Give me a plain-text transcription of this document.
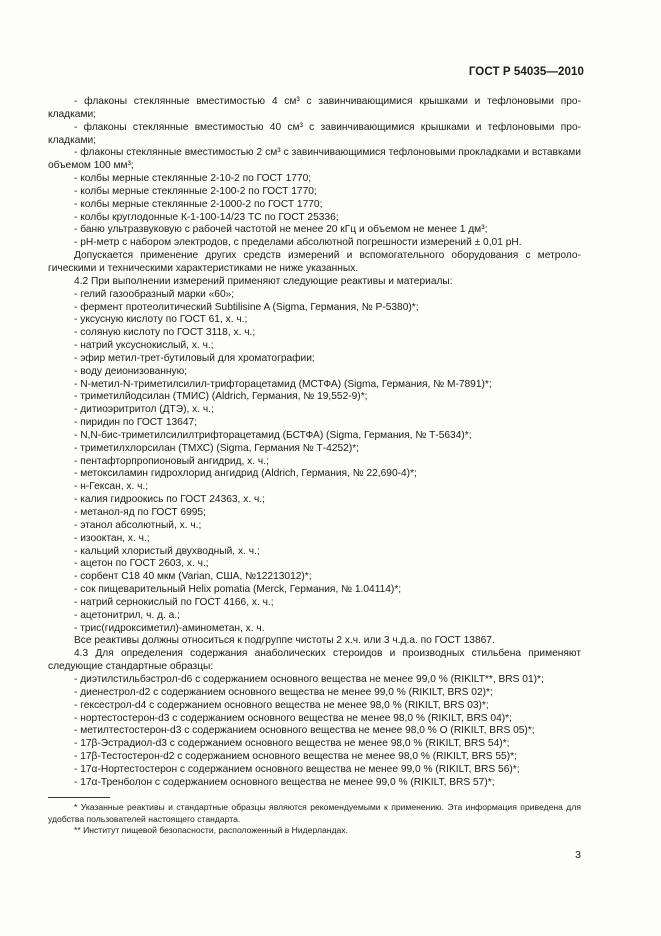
ГОСТ Р 54035—2010

- флаконы стеклянные вместимостью 4 см³ с завинчивающимися крышками и тефлоновыми про-кладками;

- флаконы стеклянные вместимостью 40 см³ с завинчивающимися крышками и тефлоновыми про-кладками;

- флаконы стеклянные вместимостью 2 см³ с завинчивающимися тефлоновыми прокладками и вставками объемом 100 мм³;

- колбы мерные стеклянные 2-10-2 по ГОСТ 1770;

- колбы мерные стеклянные 2-100-2 по ГОСТ 1770;

- колбы мерные стеклянные 2-1000-2 по ГОСТ 1770;

- колбы круглодонные К-1-100-14/23 ТС по ГОСТ 25336;

- баню ультразвуковую с рабочей частотой не менее 20 кГц и объемом не менее 1 дм³;

- pH-метр с набором электродов, с пределами абсолютной погрешности измерений ± 0,01 pH.

Допускается применение других средств измерений и вспомогательного оборудования с метроло-гическими и техническими характеристиками не ниже указанных.

4.2 При выполнении измерений применяют следующие реактивы и материалы:

- гелий газообразный марки «60»;

- фермент протеолитический Subtilisine A (Sigma, Германия, № Р-5380)*;

- уксусную кислоту по ГОСТ 61, х. ч.;

- соляную кислоту по ГОСТ 3118, х. ч.;

- натрий уксуснокислый, х. ч.;

- эфир метил-трет-бутиловый для хроматографии;

- воду деионизованную;

- N-метил-N-триметилсилил-трифторацетамид (МСТФА) (Sigma, Германия, № M-7891)*;

- триметилйодсилан (ТМИС) (Aldrich, Германия, № 19,552-9)*;

- дитиоэритритол (ДТЭ), х. ч.;

- пиридин по ГОСТ 13647;

- N,N-бис-триметилсилилтрифторацетамид (БСТФА) (Sigma, Германия, № Т-5634)*;

- триметилхлорсилан (ТМХС) (Sigma, Германия № Т-4252)*;

- пентафторпропионовый ангидрид, х. ч.;

- метоксиламин гидрохлорид ангидрид (Aldrich, Германия, № 22,690-4)*;

- н-Гексан, х. ч.;

- калия гидроокись по ГОСТ 24363, х. ч.;

- метанол-яд по ГОСТ 6995;

- этанол абсолютный, х. ч.;

- изооктан, х. ч.;

- кальций хлористый двухводный, х. ч.;

- ацетон по ГОСТ 2603, х. ч.;

- сорбент С18 40 мкм (Varian, США, №12213012)*;

- сок пищеварительный Helix pomatia (Merck, Германия, № 1.04114)*;

- натрий сернокислый по ГОСТ 4166, х. ч.;

- ацетонитрил, ч. д. а.;

- трис(гидроксиметил)-аминометан, х. ч.

Все реактивы должны относиться к подгруппе чистоты 2 х.ч. или 3 ч.д.а. по ГОСТ 13867.

4.3 Для определения содержания анаболических стероидов и производных стильбена применяют следующие стандартные образцы:

- диэтилстильбэстрол-d6 с содержанием основного вещества не менее 99,0 % (RIKILT**, BRS 01)*;

- диенестрол-d2 с содержанием основного вещества не менее 99,0 % (RIKILT, BRS 02)*;

- гексестрол-d4 с содержанием основного вещества не менее 98,0 % (RIKILT, BRS 03)*;

- нортестостерон-d3 с содержанием основного вещества не менее 98,0 % (RIKILT, BRS 04)*;

- метилтестостерон-d3 с содержанием основного вещества не менее 98,0 % О (RIKILT, BRS 05)*;

- 17β-Эстрадиол-d3 с содержанием основного вещества не менее 98,0 % (RIKILT, BRS 54)*;

- 17β-Тестостерон-d2 с содержанием основного вещества не менее 98,0 % (RIKILT, BRS 55)*;

- 17α-Нортестостерон с содержанием основного вещества не менее 99,0 % (RIKILT, BRS 56)*;

- 17α-Тренболон с содержанием основного вещества не менее 99,0 % (RIKILT, BRS 57)*;

* Указанные реактивы и стандартные образцы являются рекомендуемыми к применению. Эта информация приведена для удобства пользователей настоящего стандарта.

** Институт пищевой безопасности, расположенный в Нидерландах.

3
